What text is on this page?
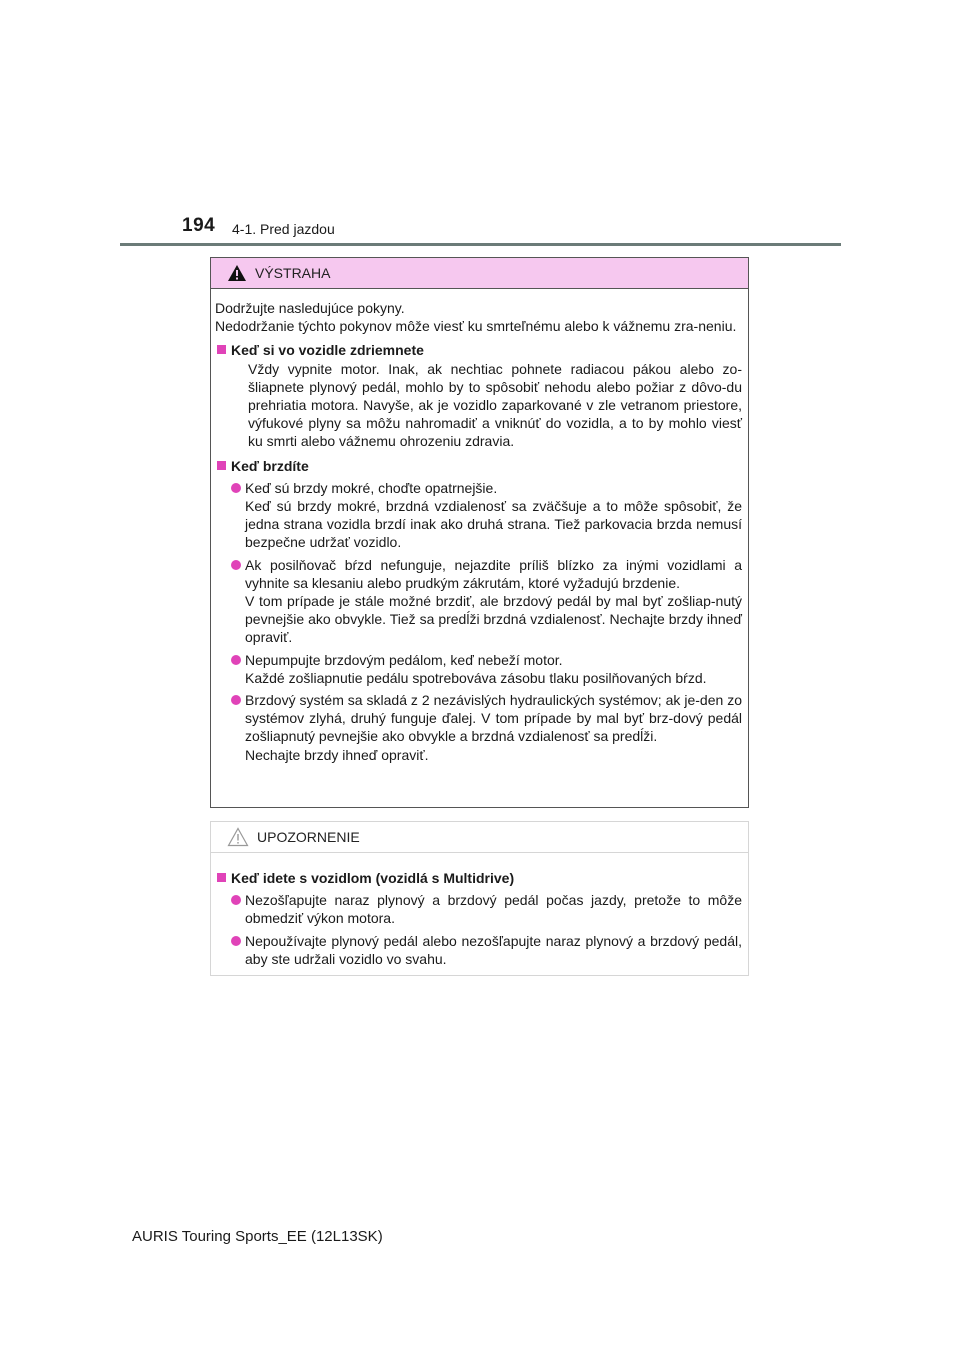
194 4-1. Pred jazdou
VÝSTRAHA

Dodržujte nasledujúce pokyny.

Nedodržanie týchto pokynov môže viesť ku smrteľnému alebo k vážnemu zra-neniu.

Keď si vo vozidle zdriemnete

Vždy vypnite motor. Inak, ak nechtiac pohnete radiacou pákou alebo zo-šliapnete plynový pedál, mohlo by to spôsobiť nehodu alebo požiar z dôvo-du prehriatia motora. Navyše, ak je vozidlo zaparkované v zle vetranom priestore, výfukové plyny sa môžu nahromadiť a vniknúť do vozidla, a to by mohlo viesť ku smrti alebo vážnemu ohrozeniu zdravia.

Keď brzdíte

Keď sú brzdy mokré, choďte opatrnejšie.

Keď sú brzdy mokré, brzdná vzdialenosť sa zväčšuje a to môže spôsobiť, že jedna strana vozidla brzdí inak ako druhá strana. Tiež parkovacia brzda nemusí bezpečne udržať vozidlo.

Ak posilňovač bŕzd nefunguje, nejazdite príliš blízko za inými vozidlami a vyhnite sa klesaniu alebo prudkým zákrutám, ktoré vyžadujú brzdenie.

V tom prípade je stále možné brzdiť, ale brzdový pedál by mal byť zošliap-nutý pevnejšie ako obvykle. Tiež sa predĺži brzdná vzdialenosť. Nechajte brzdy ihneď opraviť.

Nepumpujte brzdovým pedálom, keď nebeží motor.

Každé zošliapnutie pedálu spotrebováva zásobu tlaku posilňovaných bŕzd.

Brzdový systém sa skladá z 2 nezávislých hydraulických systémov; ak je-den zo systémov zlyhá, druhý funguje ďalej. V tom prípade by mal byť brz-dový pedál zošliapnutý pevnejšie ako obvykle a brzdná vzdialenosť sa predĺži.

Nechajte brzdy ihneď opraviť.

UPOZORNENIE
Keď idete s vozidlom (vozidlá s Multidrive)

Nezošľapujte naraz plynový a brzdový pedál počas jazdy, pretože to môže obmedziť výkon motora.

Nepoužívajte plynový pedál alebo nezošľapujte naraz plynový a brzdový pedál, aby ste udržali vozidlo vo svahu.

AURIS Touring Sports_EE (12L13SK)
